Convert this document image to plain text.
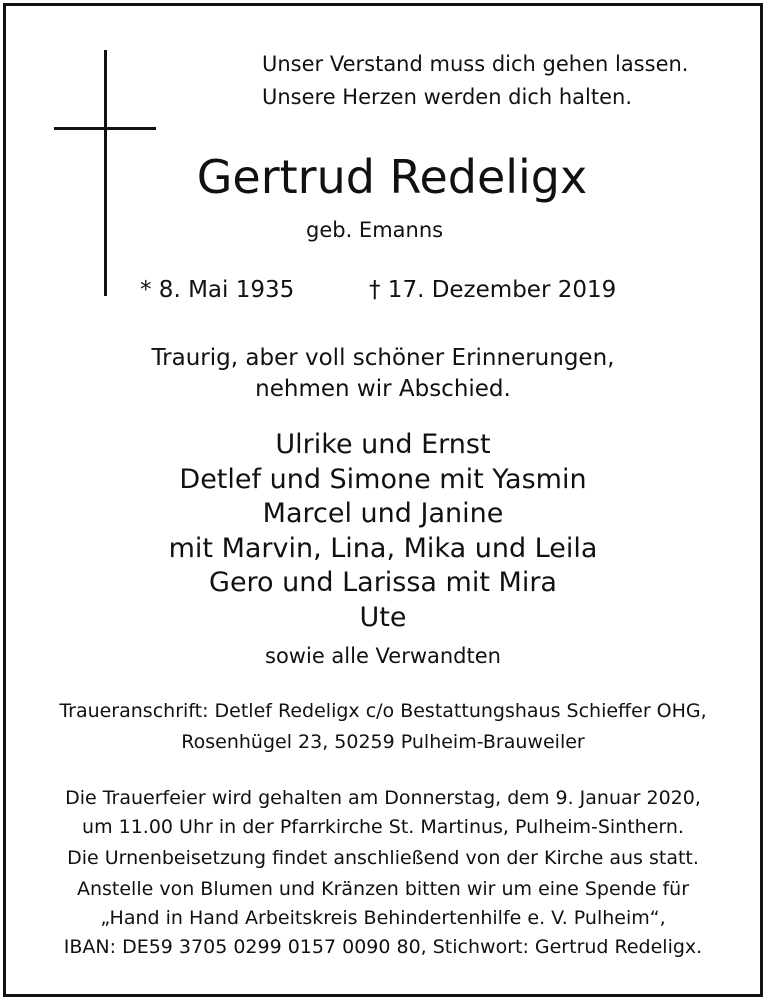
Unser Verstand muss dich gehen lassen.
Unsere Herzen werden dich halten.
Gertrud Redeligx
geb. Emanns
* 8. Mai 1935	† 17. Dezember 2019
Traurig, aber voll schöner Erinnerungen,
nehmen wir Abschied.
Ulrike und Ernst
Detlef und Simone mit Yasmin
Marcel und Janine
mit Marvin, Lina, Mika und Leila
Gero und Larissa mit Mira
Ute
sowie alle Verwandten
Traueranschrift: Detlef Redeligx c/o Bestattungshaus Schieffer OHG,
Rosenhügel 23, 50259 Pulheim-Brauweiler
Die Trauerfeier wird gehalten am Donnerstag, dem 9. Januar 2020,
um 11.00 Uhr in der Pfarrkirche St. Martinus, Pulheim-Sinthern.
Die Urnenbeisetzung findet anschließend von der Kirche aus statt.
Anstelle von Blumen und Kränzen bitten wir um eine Spende für
„Hand in Hand Arbeitskreis Behindertenhilfe e. V. Pulheim“,
IBAN: DE59 3705 0299 0157 0090 80, Stichwort: Gertrud Redeligx.
